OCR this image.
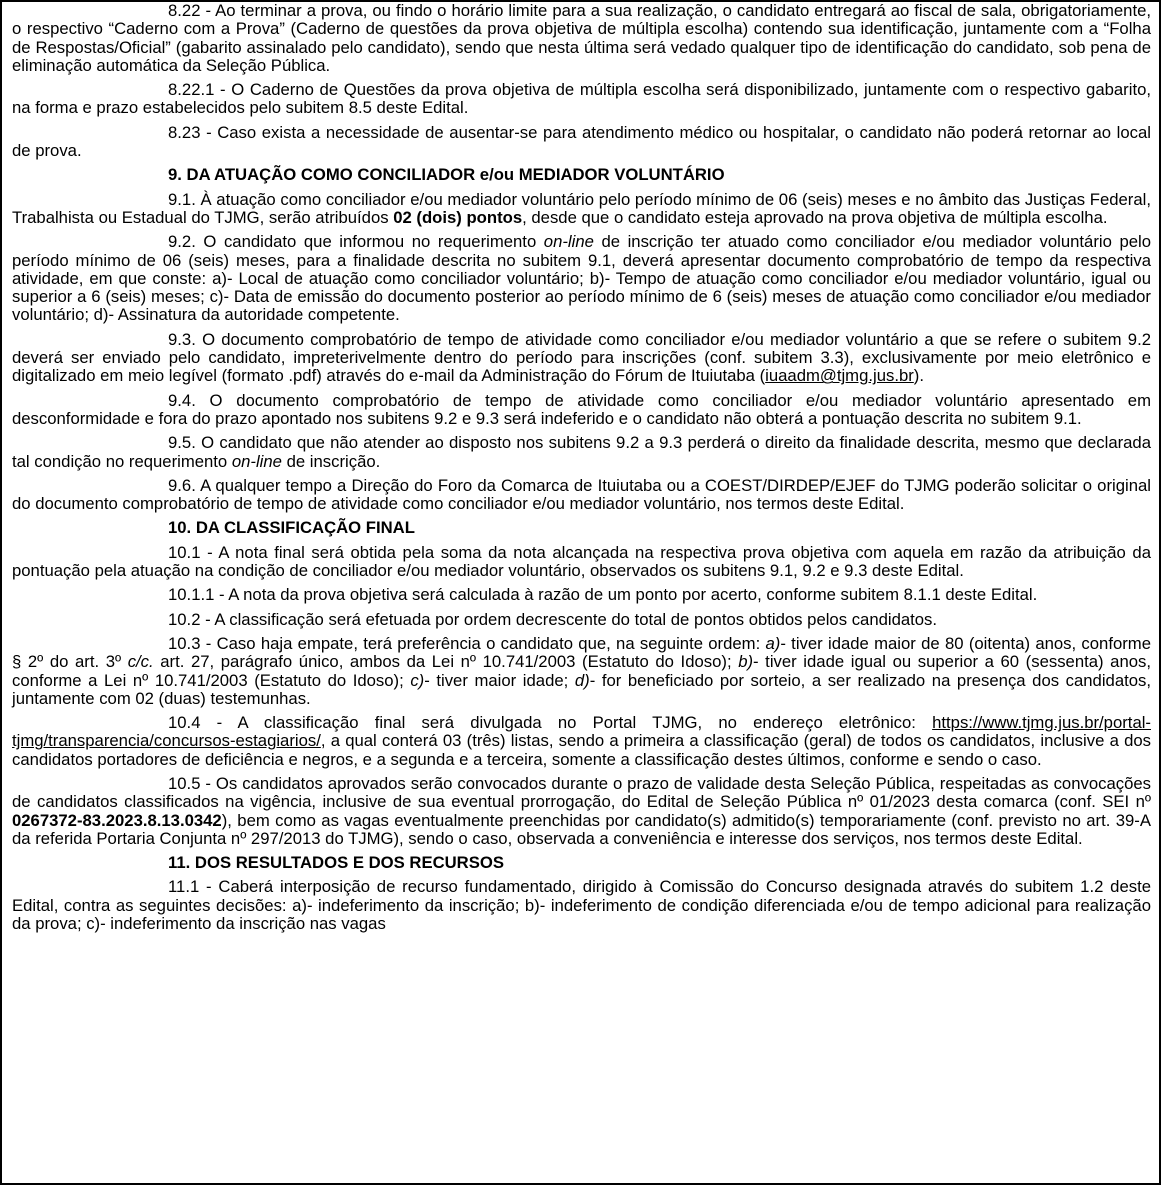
8.22 - Ao terminar a prova, ou findo o horário limite para a sua realização, o candidato entregará ao fiscal de sala, obrigatoriamente, o respectivo “Caderno com a Prova” (Caderno de questões da prova objetiva de múltipla escolha) contendo sua identificação, juntamente com a “Folha de Respostas/Oficial” (gabarito assinalado pelo candidato), sendo que nesta última será vedado qualquer tipo de identificação do candidato, sob pena de eliminação automática da Seleção Pública.

8.22.1 - O Caderno de Questões da prova objetiva de múltipla escolha será disponibilizado, juntamente com o respectivo gabarito, na forma e prazo estabelecidos pelo subitem 8.5 deste Edital.

8.23 - Caso exista a necessidade de ausentar-se para atendimento médico ou hospitalar, o candidato não poderá retornar ao local de prova.

9. DA ATUAÇÃO COMO CONCILIADOR e/ou MEDIADOR VOLUNTÁRIO

9.1. À atuação como conciliador e/ou mediador voluntário pelo período mínimo de 06 (seis) meses e no âmbito das Justiças Federal, Trabalhista ou Estadual do TJMG, serão atribuídos 02 (dois) pontos, desde que o candidato esteja aprovado na prova objetiva de múltipla escolha.

9.2. O candidato que informou no requerimento on-line de inscrição ter atuado como conciliador e/ou mediador voluntário pelo período mínimo de 06 (seis) meses, para a finalidade descrita no subitem 9.1, deverá apresentar documento comprobatório de tempo da respectiva atividade, em que conste: a)- Local de atuação como conciliador voluntário; b)- Tempo de atuação como conciliador e/ou mediador voluntário, igual ou superior a 6 (seis) meses; c)- Data de emissão do documento posterior ao período mínimo de 6 (seis) meses de atuação como conciliador e/ou mediador voluntário; d)- Assinatura da autoridade competente.

9.3. O documento comprobatório de tempo de atividade como conciliador e/ou mediador voluntário a que se refere o subitem 9.2 deverá ser enviado pelo candidato, impreterivelmente dentro do período para inscrições (conf. subitem 3.3), exclusivamente por meio eletrônico e digitalizado em meio legível (formato .pdf) através do e-mail da Administração do Fórum de Ituiutaba (iuaadm@tjmg.jus.br).

9.4. O documento comprobatório de tempo de atividade como conciliador e/ou mediador voluntário apresentado em desconformidade e fora do prazo apontado nos subitens 9.2 e 9.3 será indeferido e o candidato não obterá a pontuação descrita no subitem 9.1.

9.5. O candidato que não atender ao disposto nos subitens 9.2 a 9.3 perderá o direito da finalidade descrita, mesmo que declarada tal condição no requerimento on-line de inscrição.

9.6. A qualquer tempo a Direção do Foro da Comarca de Ituiutaba ou a COEST/DIRDEP/EJEF do TJMG poderão solicitar o original do documento comprobatório de tempo de atividade como conciliador e/ou mediador voluntário, nos termos deste Edital.

10. DA CLASSIFICAÇÃO FINAL

10.1 - A nota final será obtida pela soma da nota alcançada na respectiva prova objetiva com aquela em razão da atribuição da pontuação pela atuação na condição de conciliador e/ou mediador voluntário, observados os subitens 9.1, 9.2 e 9.3 deste Edital.

10.1.1 - A nota da prova objetiva será calculada à razão de um ponto por acerto, conforme subitem 8.1.1 deste Edital.

10.2 - A classificação será efetuada por ordem decrescente do total de pontos obtidos pelos candidatos.

10.3 - Caso haja empate, terá preferência o candidato que, na seguinte ordem: a)- tiver idade maior de 80 (oitenta) anos, conforme § 2º do art. 3º c/c. art. 27, parágrafo único, ambos da Lei nº 10.741/2003 (Estatuto do Idoso); b)- tiver idade igual ou superior a 60 (sessenta) anos, conforme a Lei nº 10.741/2003 (Estatuto do Idoso); c)- tiver maior idade; d)- for beneficiado por sorteio, a ser realizado na presença dos candidatos, juntamente com 02 (duas) testemunhas.

10.4 - A classificação final será divulgada no Portal TJMG, no endereço eletrônico: https://www.tjmg.jus.br/portal-tjmg/transparencia/concursos-estagiarios/, a qual conterá 03 (três) listas, sendo a primeira a classificação (geral) de todos os candidatos, inclusive a dos candidatos portadores de deficiência e negros, e a segunda e a terceira, somente a classificação destes últimos, conforme e sendo o caso.

10.5 - Os candidatos aprovados serão convocados durante o prazo de validade desta Seleção Pública, respeitadas as convocações de candidatos classificados na vigência, inclusive de sua eventual prorrogação, do Edital de Seleção Pública nº 01/2023 desta comarca (conf. SEI nº 0267372-83.2023.8.13.0342), bem como as vagas eventualmente preenchidas por candidato(s) admitido(s) temporariamente (conf. previsto no art. 39-A da referida Portaria Conjunta nº 297/2013 do TJMG), sendo o caso, observada a conveniência e interesse dos serviços, nos termos deste Edital.

11. DOS RESULTADOS E DOS RECURSOS

11.1 - Caberá interposição de recurso fundamentado, dirigido à Comissão do Concurso designada através do subitem 1.2 deste Edital, contra as seguintes decisões: a)- indeferimento da inscrição; b)- indeferimento de condição diferenciada e/ou de tempo adicional para realização da prova; c)- indeferimento da inscrição nas vagas
